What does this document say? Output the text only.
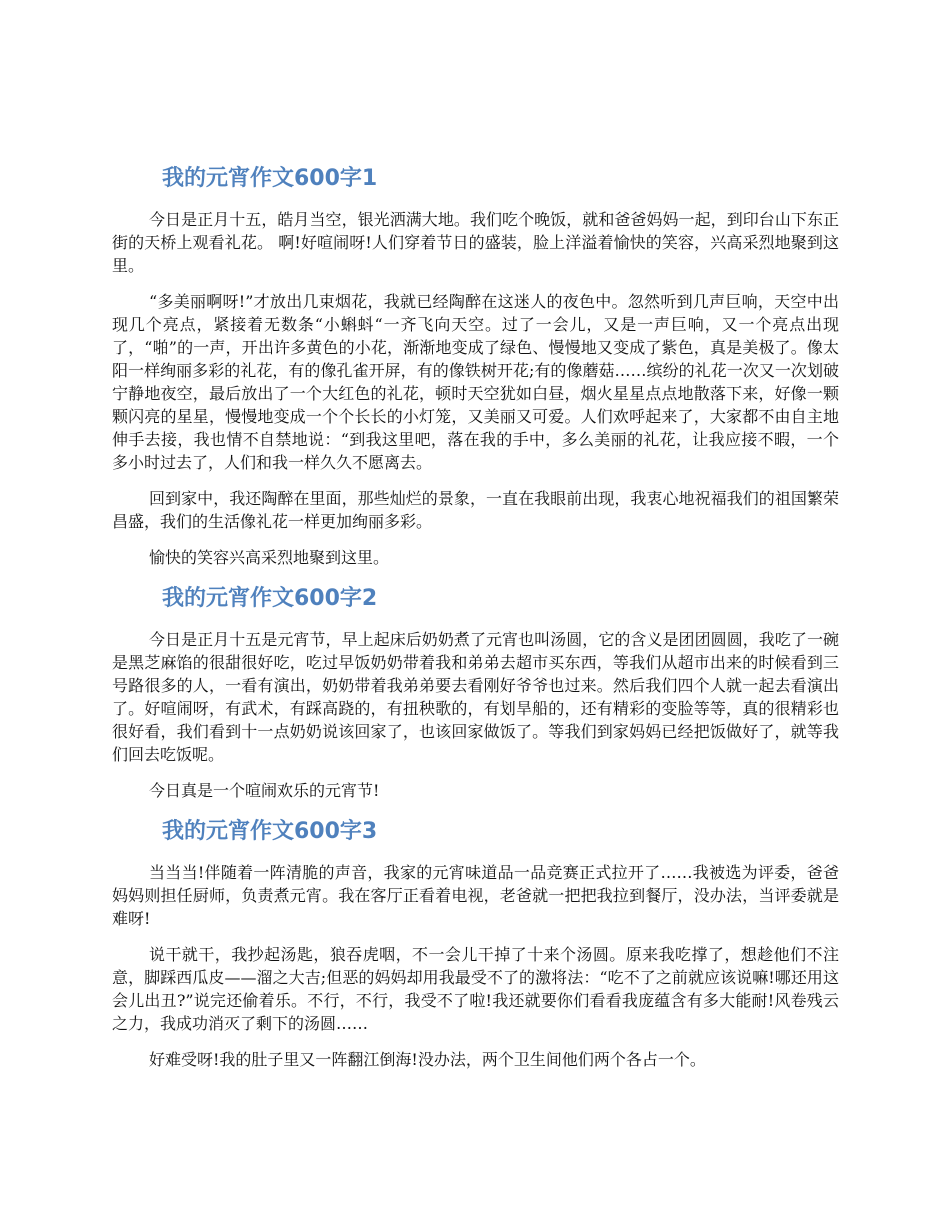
我的元宵作文600字1

今日是正月十五，皓月当空，银光洒满大地。我们吃个晚饭，就和爸爸妈妈一起，到印台山下东正街的天桥上观看礼花。 啊!好喧闹呀!人们穿着节日的盛装，脸上洋溢着愉快的笑容，兴高采烈地聚到这里。

“多美丽啊呀!”才放出几束烟花，我就已经陶醉在这迷人的夜色中。忽然听到几声巨响，天空中出现几个亮点，紧接着无数条“小蝌蚪“一齐飞向天空。过了一会儿，又是一声巨响，又一个亮点出现了，“啪”的一声，开出许多黄色的小花，渐渐地变成了绿色、慢慢地又变成了紫色，真是美极了。像太阳一样绚丽多彩的礼花，有的像孔雀开屏，有的像铁树开花;有的像蘑菇……缤纷的礼花一次又一次划破宁静地夜空，最后放出了一个大红色的礼花，顿时天空犹如白昼，烟火星星点点地散落下来，好像一颗颗闪亮的星星，慢慢地变成一个个长长的小灯笼，又美丽又可爱。人们欢呼起来了，大家都不由自主地伸手去接，我也情不自禁地说：“到我这里吧，落在我的手中，多么美丽的礼花，让我应接不暇，一个多小时过去了，人们和我一样久久不愿离去。

回到家中，我还陶醉在里面，那些灿烂的景象，一直在我眼前出现，我衷心地祝福我们的祖国繁荣昌盛，我们的生活像礼花一样更加绚丽多彩。

愉快的笑容兴高采烈地聚到这里。

我的元宵作文600字2

今日是正月十五是元宵节，早上起床后奶奶煮了元宵也叫汤圆，它的含义是团团圆圆，我吃了一碗是黑芝麻馅的很甜很好吃，吃过早饭奶奶带着我和弟弟去超市买东西，等我们从超市出来的时候看到三号路很多的人，一看有演出，奶奶带着我弟弟要去看刚好爷爷也过来。然后我们四个人就一起去看演出了。好喧闹呀，有武术，有踩高跷的，有扭秧歌的，有划旱船的，还有精彩的变脸等等，真的很精彩也很好看，我们看到十一点奶奶说该回家了，也该回家做饭了。等我们到家妈妈已经把饭做好了，就等我们回去吃饭呢。

今日真是一个喧闹欢乐的元宵节!

我的元宵作文600字3

当当当!伴随着一阵清脆的声音，我家的元宵味道品一品竞赛正式拉开了……我被选为评委，爸爸妈妈则担任厨师，负责煮元宵。我在客厅正看着电视，老爸就一把把我拉到餐厅，没办法，当评委就是难呀!

说干就干，我抄起汤匙，狼吞虎咽，不一会儿干掉了十来个汤圆。原来我吃撑了，想趁他们不注意，脚踩西瓜皮——溜之大吉;但恶的妈妈却用我最受不了的激将法：“吃不了之前就应该说嘛!哪还用这会儿出丑?”说完还偷着乐。不行，不行，我受不了啦!我还就要你们看看我庞蕴含有多大能耐!风卷残云之力，我成功消灭了剩下的汤圆……

好难受呀!我的肚子里又一阵翻江倒海!没办法，两个卫生间他们两个各占一个。
